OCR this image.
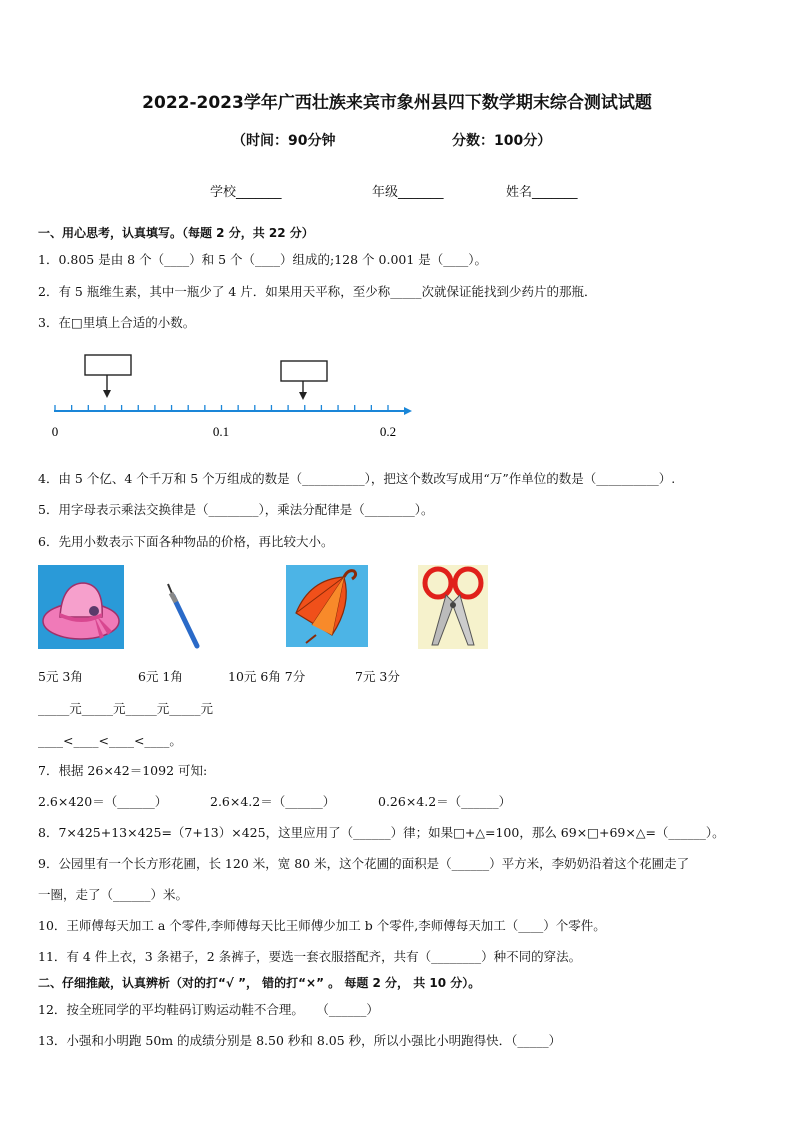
2022-2023学年广西壮族来宾市象州县四下数学期末综合测试试题
（时间：90分钟	分数：100分）
学校_______	年级_______	姓名_______
一、用心思考，认真填写。（每题 2 分，共 22 分）
1．0.805 是由 8 个（____）和 5 个（____）组成的;128 个 0.001 是（____）。
2．有 5 瓶维生素，其中一瓶少了 4 片．如果用天平称，至少称_____次就保证能找到少药片的那瓶．
3．在□里填上合适的小数。
0	0.1	0.2
4．由 5 个亿、4 个千万和 5 个万组成的数是（__________），把这个数改写成用“万”作单位的数是（__________）.
5．用字母表示乘法交换律是（________），乘法分配律是（________）。
6．先用小数表示下面各种物品的价格，再比较大小。
5元 3角	6元 1角	10元 6角 7分	7元 3分
_____元_____元_____元_____元
____<____<____<____。
7．根据 26×42＝1092 可知:
2.6×420＝（______）	2.6×4.2＝（______）	0.26×4.2＝（______）
8．7×425+13×425=（7+13）×425，这里应用了（______）律；如果□+△=100，那么 69×□+69×△=（______）。
9．公园里有一个长方形花圃，长 120 米，宽 80 米，这个花圃的面积是（______）平方米，李奶奶沿着这个花圃走了
一圈，走了（______）米。
10．王师傅每天加工 a 个零件,李师傅每天比王师傅少加工 b 个零件,李师傅每天加工（____）个零件。
11．有 4 件上衣，3 条裙子，2 条裤子，要选一套衣服搭配齐，共有（________）种不同的穿法。
二、仔细推敲，认真辨析（对的打“√ ”， 错的打“×” 。 每题 2 分， 共 10 分）。
12．按全班同学的平均鞋码订购运动鞋不合理。　　（______）
13．小强和小明跑 50m 的成绩分别是 8.50 秒和 8.05 秒，所以小强比小明跑得快．（_____）
